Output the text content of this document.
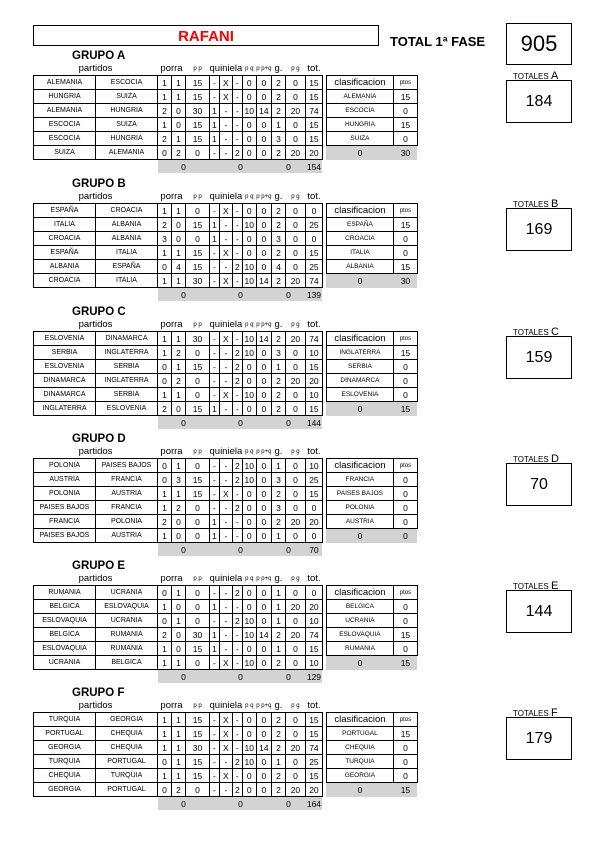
RAFANI	TOTAL 1ª FASE	905
GRUPO A
partidos		porra		p p	quiniela			p q	p p+q	g.	p g	tot.			
ALEMANIA	ESCOCIA	1	1	15	-	X	-	0	0	2	0	15		clasificacion	ptos
HUNGRIA	SUIZA	1	1	15	-	X	-	0	0	2	0	15		ALEMANIA	15
ALEMANIA	HUNGRIA	2	0	30	1	-	-	10	14	2	20	74		ESCOCIA	0
ESCOCIA	SUIZA	1	0	15	1	-	-	0	0	1	0	15		HUNGRIA	15
ESCOCIA	HUNGRIA	2	1	15	1	-	-	0	0	3	0	15		SUIZA	0
SUIZA	ALEMANIA	0	2	0	-	-	2	0	0	2	20	20		0	30
		0			0					0		154			
TOTALES A
184
GRUPO B
partidos		porra		p p	quiniela			p q	p p+q	g.	p g	tot.			
ESPAÑA	CROACIA	1	1	0	-	X	-	0	0	2	0	0		clasificacion	ptos
ITALIA	ALBANIA	2	0	15	1	-	-	10	0	2	0	25		ESPAÑA	15
CROACIA	ALBANIA	3	0	0	1	-	-	0	0	3	0	0		CROACIA	0
ESPAÑA	ITALIA	1	1	15	-	X	-	0	0	2	0	15		ITALIA	0
ALBANIA	ESPAÑA	0	4	15	-	-	2	10	0	4	0	25		ALBANIA	15
CROACIA	ITALIA	1	1	30	-	X	-	10	14	2	20	74		0	30
		0			0					0		139			
TOTALES B
169
GRUPO C
partidos		porra		p p	quiniela			p q	p p+q	g.	p g	tot.			
ESLOVENIA	DINAMARCA	1	1	30	-	X	-	10	14	2	20	74		clasificacion	ptos
SERBIA	INGLATERRA	1	2	0	-	-	2	10	0	3	0	10		INGLATERRA	15
ESLOVENIA	SERBIA	0	1	15	-	-	2	0	0	1	0	15		SERBIA	0
DINAMARCA	INGLATERRA	0	2	0	-	-	2	0	0	2	20	20		DINAMARCA	0
DINAMARCA	SERBIA	1	1	0	-	X	-	10	0	2	0	10		ESLOVENIA	0
INGLATERRA	ESLOVENIA	2	0	15	1	-	-	0	0	2	0	15		0	15
		0			0					0		144			
TOTALES C
159
GRUPO D
partidos		porra		p p	quiniela			p q	p p+q	g.	p g	tot.			
POLONIA	PAISES BAJOS	0	1	0	-	-	2	10	0	1	0	10		clasificacion	ptos
AUSTRIA	FRANCIA	0	3	15	-	-	2	10	0	3	0	25		FRANCIA	0
POLONIA	AUSTRIA	1	1	15	-	X	-	0	0	2	0	15		PAISES BAJOS	0
PAISES BAJOS	FRANCIA	1	2	0	-	-	2	0	0	3	0	0		POLONIA	0
FRANCIA	POLONIA	2	0	0	1	-	-	0	0	2	20	20		AUSTRIA	0
PAISES BAJOS	AUSTRIA	1	0	0	1	-	-	0	0	1	0	0		0	0
		0			0					0		70			
TOTALES D
70
GRUPO E
partidos		porra		p p	quiniela			p q	p p+q	g.	p g	tot.			
RUMANIA	UCRANIA	0	1	0	-	-	2	0	0	1	0	0		clasificacion	ptos
BELGICA	ESLOVAQUIA	1	0	0	1	-	-	0	0	1	20	20		BELGICA	0
ESLOVAQUIA	UCRANIA	0	1	0	-	-	2	10	0	1	0	10		UCRANIA	0
BELGICA	RUMANIA	2	0	30	1	-	-	10	14	2	20	74		ESLOVAQUIA	15
ESLOVAQUIA	RUMANIA	1	0	15	1	-	-	0	0	1	0	15		RUMANIA	0
UCRANIA	BELGICA	1	1	0	-	X	-	10	0	2	0	10		0	15
		0			0					0		129			
TOTALES E
144
GRUPO F
partidos		porra		p p	quiniela			p q	p p+q	g.	p g	tot.			
TURQUIA	GEORGIA	1	1	15	-	X	-	0	0	2	0	15		clasificacion	ptos
PORTUGAL	CHEQUIA	1	1	15	-	X	-	0	0	2	0	15		PORTUGAL	15
GEORGIA	CHEQUIA	1	1	30	-	X	-	10	14	2	20	74		CHEQUIA	0
TURQUIA	PORTUGAL	0	1	15	-	-	2	10	0	1	0	25		TURQUIA	0
CHEQUIA	TURQUIA	1	1	15	-	X	-	0	0	2	0	15		GEORGIA	0
GEORGIA	PORTUGAL	0	2	0	-	-	2	0	0	2	20	20		0	15
		0			0					0		164			
TOTALES F
179
